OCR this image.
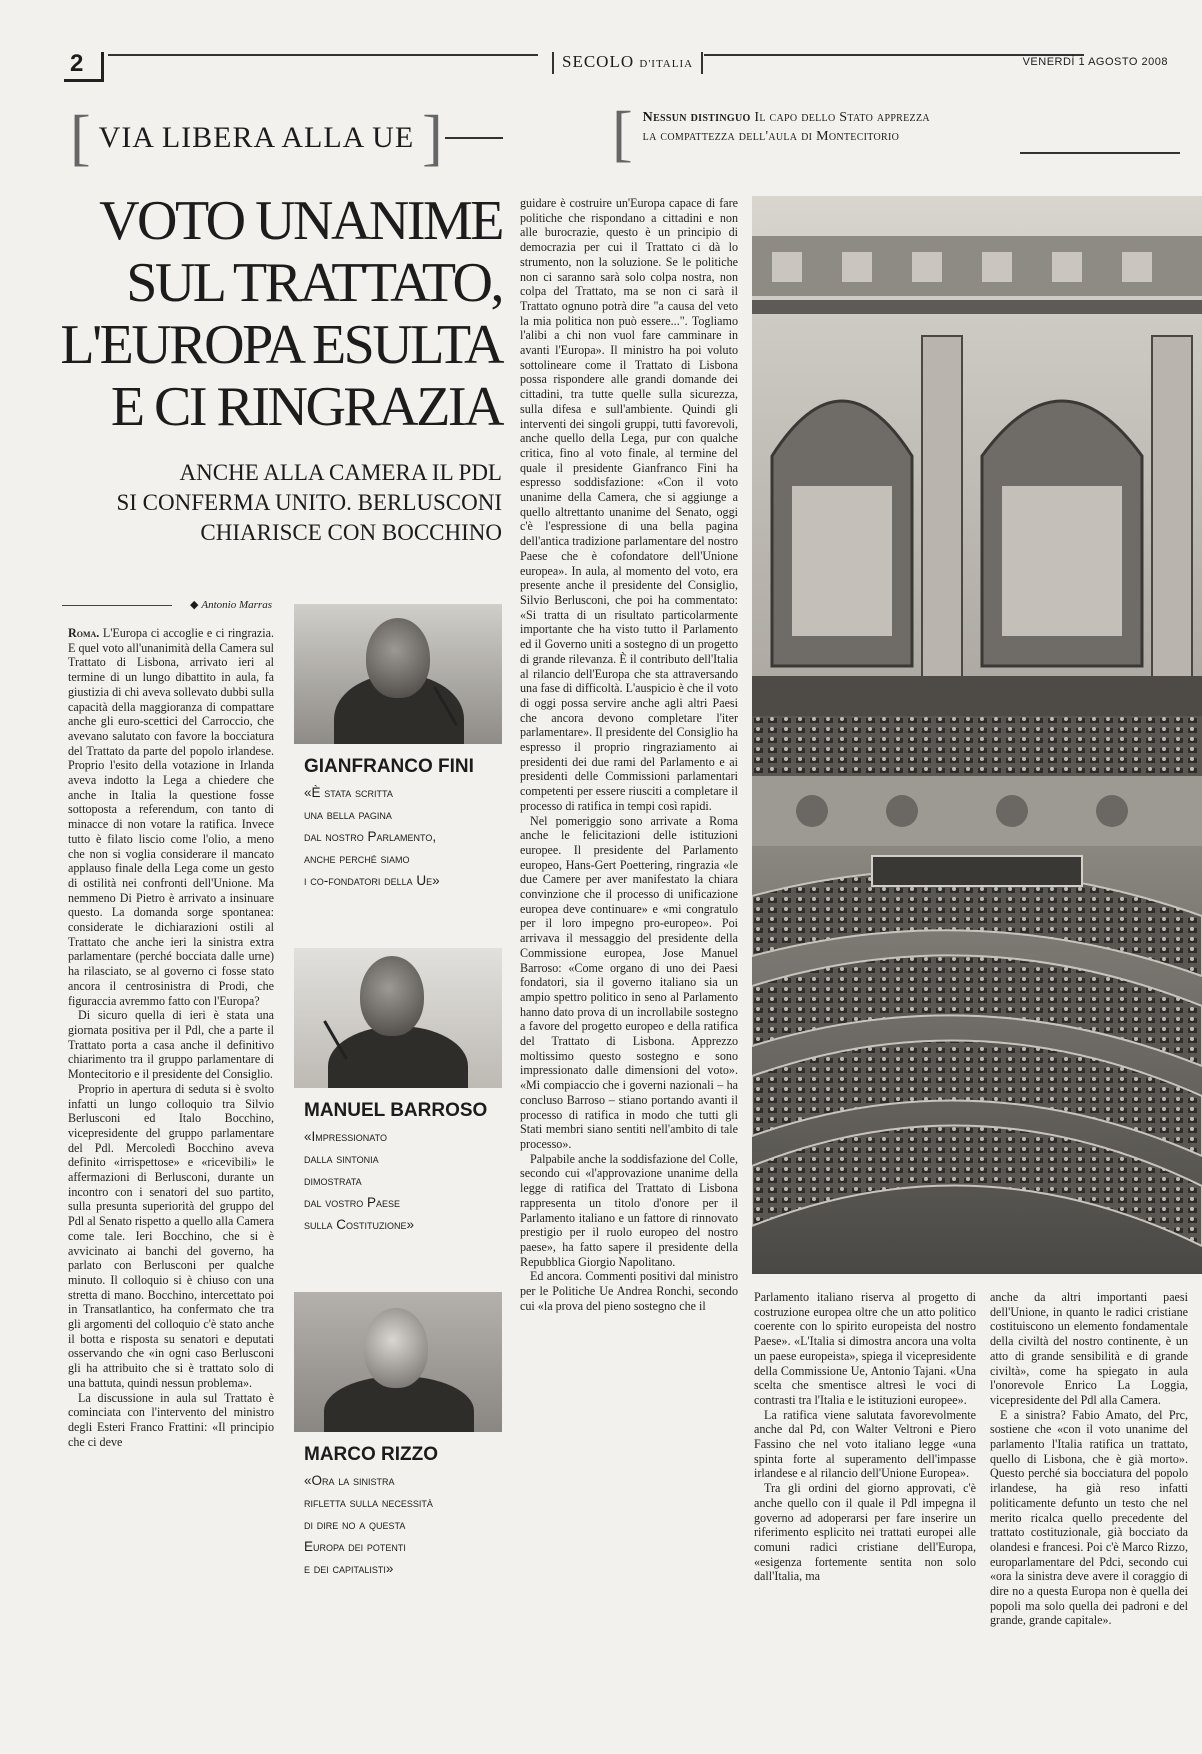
2	SECOLO D'ITALIA	VENERDÌ 1 AGOSTO 2008
[ VIA LIBERA ALLA UE ]	[ Nessun distinguo Il capo dello Stato apprezza
la compattezza dell'aula di Montecitorio
VOTO UNANIME
SUL TRATTATO,
L'EUROPA ESULTA
E CI RINGRAZIA
ANCHE ALLA CAMERA IL PDL
SI CONFERMA UNITO. BERLUSCONI
CHIARISCE CON BOCCHINO
◆ Antonio Marras

Roma. L'Europa ci accoglie e ci ringrazia. E quel voto all'unanimità della Camera sul Trattato di Lisbona, arrivato ieri al termine di un lungo dibattito in aula, fa giustizia di chi aveva sollevato dubbi sulla capacità della maggioranza di compattare anche gli euro-scettici del Carroccio, che avevano salutato con favore la bocciatura del Trattato da parte del popolo irlandese. Proprio l'esito della votazione in Irlanda aveva indotto la Lega a chiedere che anche in Italia la questione fosse sottoposta a referendum, con tanto di minacce di non votare la ratifica. Invece tutto è filato liscio come l'olio, a meno che non si voglia considerare il mancato applauso finale della Lega come un gesto di ostilità nei confronti dell'Unione. Ma nemmeno Di Pietro è arrivato a insinuare questo. La domanda sorge spontanea: considerate le dichiarazioni ostili al Trattato che anche ieri la sinistra extra parlamentare (perché bocciata dalle urne) ha rilasciato, se al governo ci fosse stato ancora il centrosinistra di Prodi, che figuraccia avremmo fatto con l'Europa?

Di sicuro quella di ieri è stata una giornata positiva per il Pdl, che a parte il Trattato porta a casa anche il definitivo chiarimento tra il gruppo parlamentare di Montecitorio e il presidente del Consiglio.

Proprio in apertura di seduta si è svolto infatti un lungo colloquio tra Silvio Berlusconi ed Italo Bocchino, vicepresidente del gruppo parlamentare del Pdl. Mercoledì Bocchino aveva definito «irrispettose» e «ricevibili» le affermazioni di Berlusconi, durante un incontro con i senatori del suo partito, sulla presunta superiorità del gruppo del Pdl al Senato rispetto a quello alla Camera come tale. Ieri Bocchino, che si è avvicinato ai banchi del governo, ha parlato con Berlusconi per qualche minuto. Il colloquio si è chiuso con una stretta di mano. Bocchino, intercettato poi in Transatlantico, ha confermato che tra gli argomenti del colloquio c'è stato anche il botta e risposta su senatori e deputati osservando che «in ogni caso Berlusconi gli ha attribuito che si è trattato solo di una battuta, quindi nessun problema».

La discussione in aula sul Trattato è cominciata con l'intervento del ministro degli Esteri Franco Frattini: «Il principio che ci deve

GIANFRANCO FINI
«È stata scritta
una bella pagina
dal nostro Parlamento,
anche perché siamo
i co-fondatori della Ue»
MANUEL BARROSO
«Impressionato
dalla sintonia
dimostrata
dal vostro Paese
sulla Costituzione»
MARCO RIZZO
«Ora la sinistra
rifletta sulla necessità
di dire no a questa
Europa dei potenti
e dei capitalisti»

guidare è costruire un'Europa capace di fare politiche che rispondano a cittadini e non alle burocrazie, questo è un principio di democrazia per cui il Trattato ci dà lo strumento, non la soluzione. Se le politiche non ci saranno sarà solo colpa nostra, non colpa del Trattato, ma se non ci sarà il Trattato ognuno potrà dire "a causa del veto la mia politica non può essere...". Togliamo l'alibi a chi non vuol fare camminare in avanti l'Europa». Il ministro ha poi voluto sottolineare come il Trattato di Lisbona possa rispondere alle grandi domande dei cittadini, tra tutte quelle sulla sicurezza, sulla difesa e sull'ambiente. Quindi gli interventi dei singoli gruppi, tutti favorevoli, anche quello della Lega, pur con qualche critica, fino al voto finale, al termine del quale il presidente Gianfranco Fini ha espresso soddisfazione: «Con il voto unanime della Camera, che si aggiunge a quello altrettanto unanime del Senato, oggi c'è l'espressione di una bella pagina dell'antica tradizione parlamentare del nostro Paese che è cofondatore dell'Unione europea». In aula, al momento del voto, era presente anche il presidente del Consiglio, Silvio Berlusconi, che poi ha commentato: «Si tratta di un risultato particolarmente importante che ha visto tutto il Parlamento ed il Governo uniti a sostegno di un progetto di grande rilevanza. È il contributo dell'Italia al rilancio dell'Europa che sta attraversando una fase di difficoltà. L'auspicio è che il voto di oggi possa servire anche agli altri Paesi che ancora devono completare l'iter parlamentare». Il presidente del Consiglio ha espresso il proprio ringraziamento ai presidenti dei due rami del Parlamento e ai presidenti delle Commissioni parlamentari competenti per essere riusciti a completare il processo di ratifica in tempi così rapidi.

Nel pomeriggio sono arrivate a Roma anche le felicitazioni delle istituzioni europee. Il presidente del Parlamento europeo, Hans-Gert Poettering, ringrazia «le due Camere per aver manifestato la chiara convinzione che il processo di unificazione europea deve continuare» e «mi congratulo per il loro impegno pro-europeo». Poi arrivava il messaggio del presidente della Commissione europea, Jose Manuel Barroso: «Come organo di uno dei Paesi fondatori, sia il governo italiano sia un ampio spettro politico in seno al Parlamento hanno dato prova di un incrollabile sostegno a favore del progetto europeo e della ratifica del Trattato di Lisbona. Apprezzo moltissimo questo sostegno e sono impressionato dalle dimensioni del voto». «Mi compiaccio che i governi nazionali – ha concluso Barroso – stiano portando avanti il processo di ratifica in modo che tutti gli Stati membri siano sentiti nell'ambito di tale processo».

Palpabile anche la soddisfazione del Colle, secondo cui «l'approvazione unanime della legge di ratifica del Trattato di Lisbona rappresenta un titolo d'onore per il Parlamento italiano e un fattore di rinnovato prestigio per il ruolo europeo del nostro paese», ha fatto sapere il presidente della Repubblica Giorgio Napolitano.

Ed ancora. Commenti positivi dal ministro per le Politiche Ue Andrea Ronchi, secondo cui «la prova del pieno sostegno che il

Parlamento italiano riserva al progetto di costruzione europea oltre che un atto politico coerente con lo spirito europeista del nostro Paese». «L'Italia si dimostra ancora una volta un paese europeista», spiega il vicepresidente della Commissione Ue, Antonio Tajani. «Una scelta che smentisce altresì le voci di contrasti tra l'Italia e le istituzioni europee».

La ratifica viene salutata favorevolmente anche dal Pd, con Walter Veltroni e Piero Fassino che nel voto italiano legge «una spinta forte al superamento dell'impasse irlandese e al rilancio dell'Unione Europea».

Tra gli ordini del giorno approvati, c'è anche quello con il quale il Pdl impegna il governo ad adoperarsi per fare inserire un riferimento esplicito nei trattati europei alle comuni radici cristiane dell'Europa, «esigenza fortemente sentita non solo dall'Italia, ma

anche da altri importanti paesi dell'Unione, in quanto le radici cristiane costituiscono un elemento fondamentale della civiltà del nostro continente, è un atto di grande sensibilità e di grande civiltà», come ha spiegato in aula l'onorevole Enrico La Loggia, vicepresidente del Pdl alla Camera.

E a sinistra? Fabio Amato, del Prc, sostiene che «con il voto unanime del parlamento l'Italia ratifica un trattato, quello di Lisbona, che è già morto». Questo perché sia bocciatura del popolo irlandese, ha già reso infatti politicamente defunto un testo che nel merito ricalca quello precedente del trattato costituzionale, già bocciato da olandesi e francesi. Poi c'è Marco Rizzo, europarlamentare del Pdci, secondo cui «ora la sinistra deve avere il coraggio di dire no a questa Europa non è quella dei popoli ma solo quella dei padroni e del grande, grande capitale».
